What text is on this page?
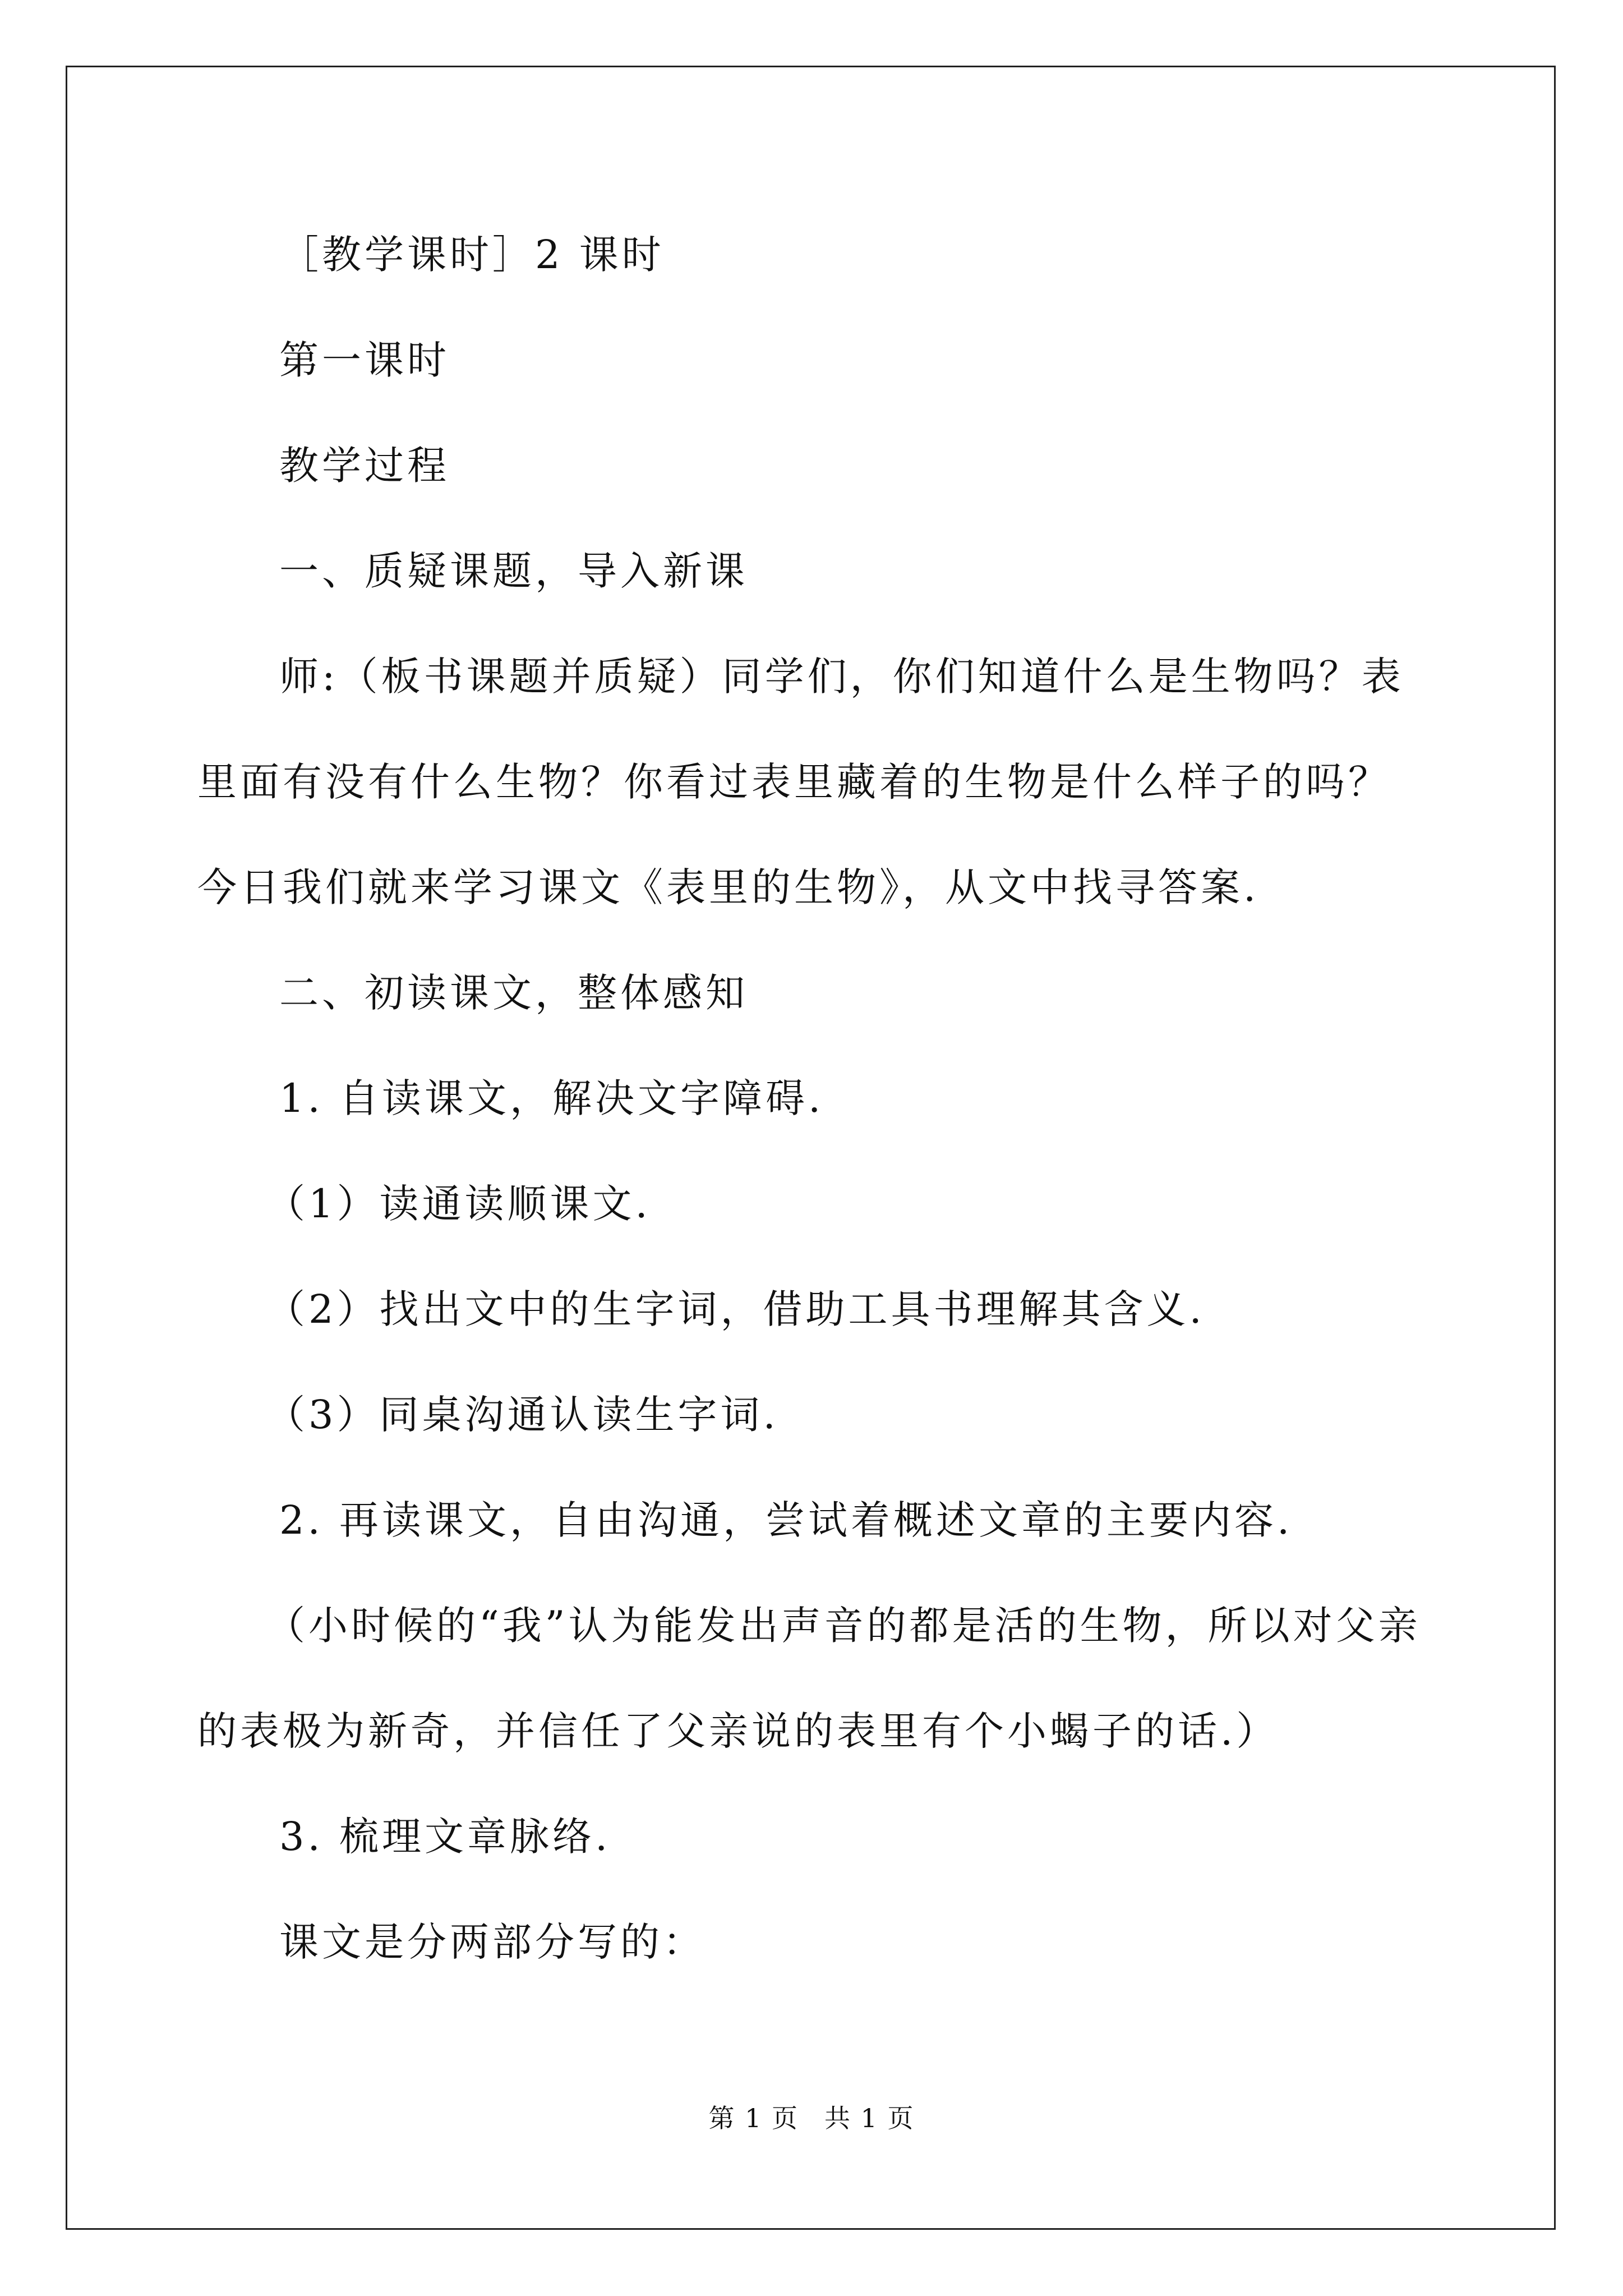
［教学课时］2 课时

第一课时

教学过程

一、质疑课题，导入新课

师:（板书课题并质疑）同学们，你们知道什么是生物吗？表里面有没有什么生物？你看过表里藏着的生物是什么样子的吗？今日我们就来学习课文《表里的生物》，从文中找寻答案.

二、初读课文，整体感知

1. 自读课文，解决文字障碍.

（1）读通读顺课文.

（2）找出文中的生字词，借助工具书理解其含义.

（3）同桌沟通认读生字词.

2. 再读课文，自由沟通，尝试着概述文章的主要内容.

（小时候的“我”认为能发出声音的都是活的生物，所以对父亲的表极为新奇，并信任了父亲说的表里有个小蝎子的话.）

3. 梳理文章脉络.

课文是分两部分写的：

第 1 页 共 1 页
